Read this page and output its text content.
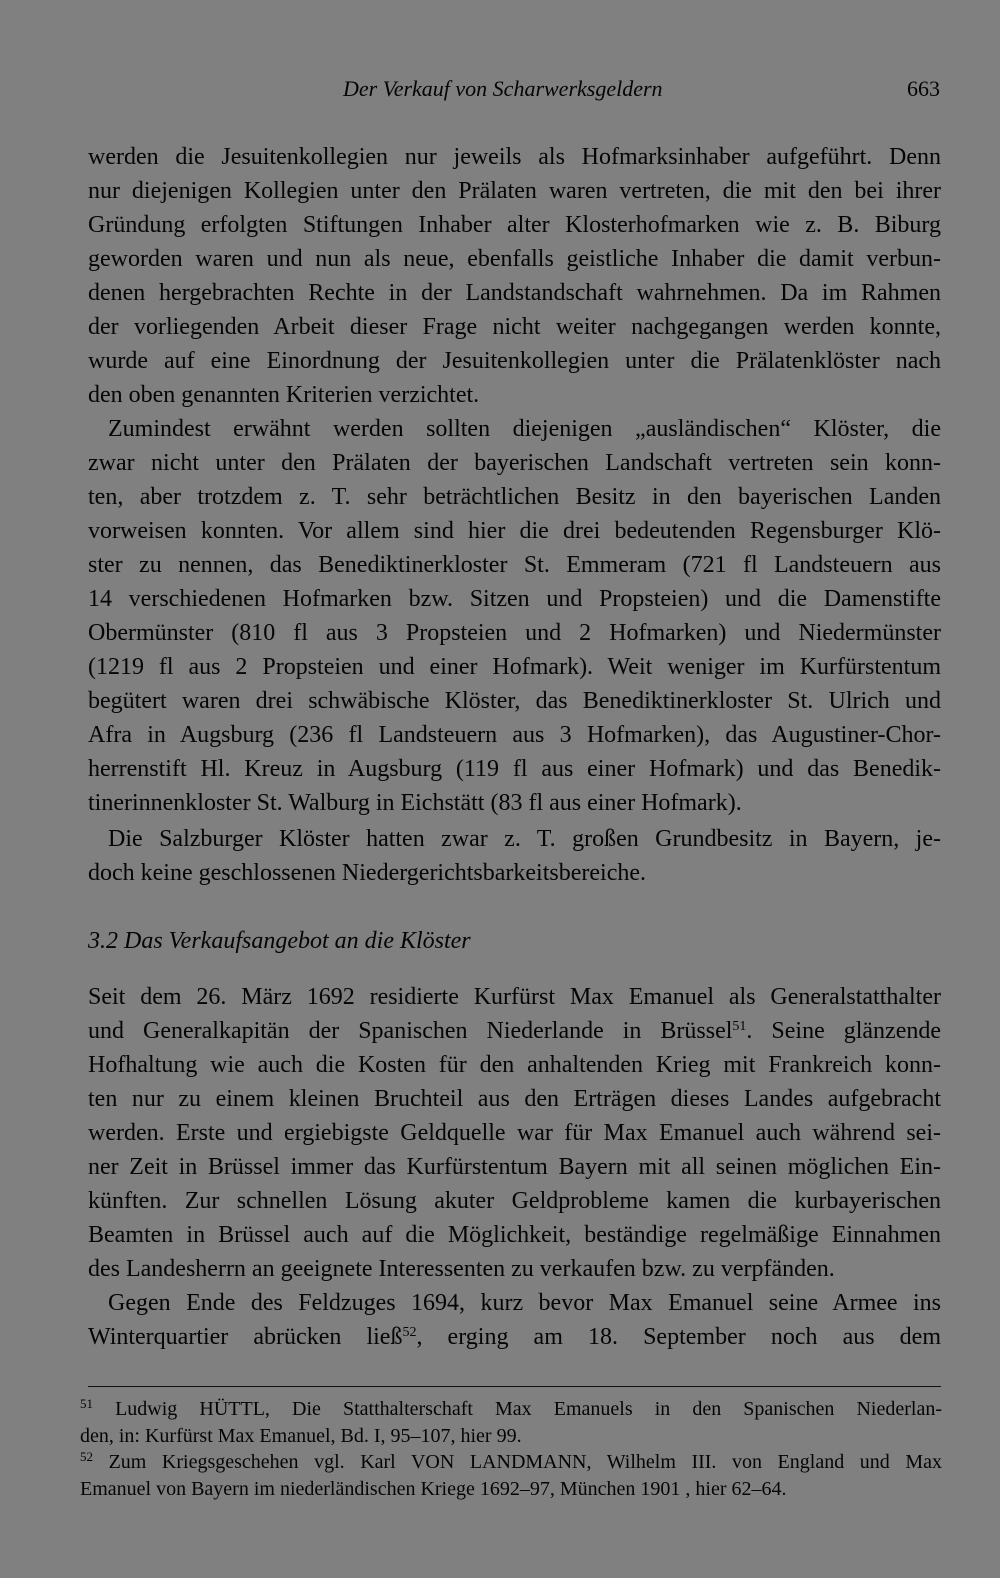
Der Verkauf von Scharwerksgeldern	663
werden die Jesuitenkollegien nur jeweils als Hofmarksinhaber aufgeführt. Denn
nur diejenigen Kollegien unter den Prälaten waren vertreten, die mit den bei ihrer
Gründung erfolgten Stiftungen Inhaber alter Klosterhofmarken wie z. B. Biburg
geworden waren und nun als neue, ebenfalls geistliche Inhaber die damit verbun-
denen hergebrachten Rechte in der Landstandschaft wahrnehmen. Da im Rahmen
der vorliegenden Arbeit dieser Frage nicht weiter nachgegangen werden konnte,
wurde auf eine Einordnung der Jesuitenkollegien unter die Prälatenklöster nach
den oben genannten Kriterien verzichtet.
Zumindest erwähnt werden sollten diejenigen „ausländischen“ Klöster, die
zwar nicht unter den Prälaten der bayerischen Landschaft vertreten sein konn-
ten, aber trotzdem z. T. sehr beträchtlichen Besitz in den bayerischen Landen
vorweisen konnten. Vor allem sind hier die drei bedeutenden Regensburger Klö-
ster zu nennen, das Benediktinerkloster St. Emmeram (721 fl Landsteuern aus
14 verschiedenen Hofmarken bzw. Sitzen und Propsteien) und die Damenstifte
Obermünster (810 fl aus 3 Propsteien und 2 Hofmarken) und Niedermünster
(1219 fl aus 2 Propsteien und einer Hofmark). Weit weniger im Kurfürstentum
begütert waren drei schwäbische Klöster, das Benediktinerkloster St. Ulrich und
Afra in Augsburg (236 fl Landsteuern aus 3 Hofmarken), das Augustiner-Chor-
herrenstift Hl. Kreuz in Augsburg (119 fl aus einer Hofmark) und das Benedik-
tinerinnenkloster St. Walburg in Eichstätt (83 fl aus einer Hofmark).
Die Salzburger Klöster hatten zwar z. T. großen Grundbesitz in Bayern, je-
doch keine geschlossenen Niedergerichtsbarkeitsbereiche.
3.2 Das Verkaufsangebot an die Klöster
Seit dem 26. März 1692 residierte Kurfürst Max Emanuel als Generalstatthalter
und Generalkapitän der Spanischen Niederlande in Brüssel$^{51}$. Seine glänzende
Hofhaltung wie auch die Kosten für den anhaltenden Krieg mit Frankreich konn-
ten nur zu einem kleinen Bruchteil aus den Erträgen dieses Landes aufgebracht
werden. Erste und ergiebigste Geldquelle war für Max Emanuel auch während sei-
ner Zeit in Brüssel immer das Kurfürstentum Bayern mit all seinen möglichen Ein-
künften. Zur schnellen Lösung akuter Geldprobleme kamen die kurbayerischen
Beamten in Brüssel auch auf die Möglichkeit, beständige regelmäßige Einnahmen
des Landesherrn an geeignete Interessenten zu verkaufen bzw. zu verpfänden.
Gegen Ende des Feldzuges 1694, kurz bevor Max Emanuel seine Armee ins
Winterquartier abrücken ließ$^{52}$, erging am 18. September noch aus dem
$^{51}$ Ludwig HÜTTL, Die Statthalterschaft Max Emanuels in den Spanischen Niederlan-
den, in: Kurfürst Max Emanuel, Bd. I, 95–107, hier 99.
$^{52}$ Zum Kriegsgeschehen vgl. Karl VON LANDMANN, Wilhelm III. von England und Max
Emanuel von Bayern im niederländischen Kriege 1692–97, München 1901 , hier 62–64.
